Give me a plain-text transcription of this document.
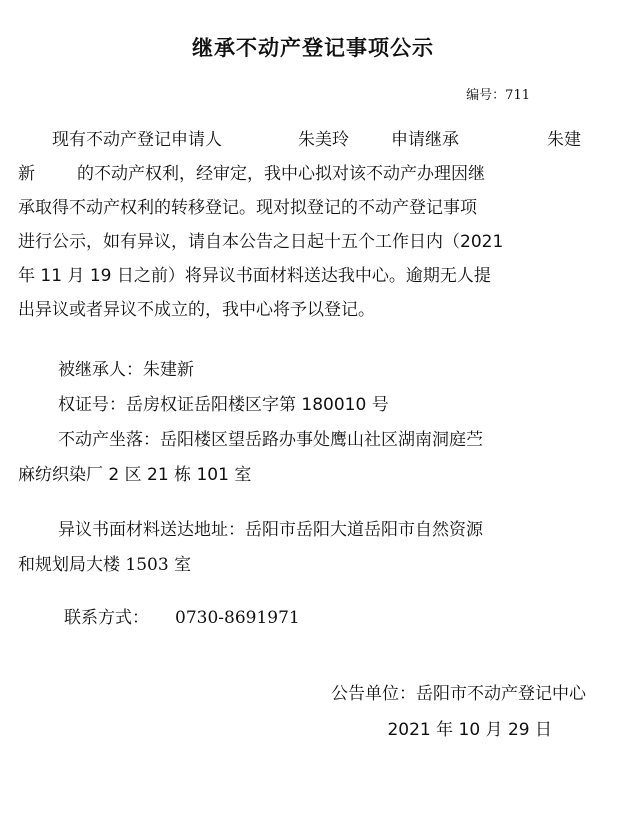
继承不动产登记事项公示
编号：711
现有不动产登记申请人	朱美玲 申请继承	朱建
新 的不动产权利，经审定，我中心拟对该不动产办理因继
承取得不动产权利的转移登记。现对拟登记的不动产登记事项
进行公示，如有异议，请自本公告之日起十五个工作日内（2021
年 11 月 19 日之前）将异议书面材料送达我中心。逾期无人提
出异议或者异议不成立的，我中心将予以登记。
被继承人：朱建新
权证号：岳房权证岳阳楼区字第 180010 号
不动产坐落：岳阳楼区望岳路办事处鹰山社区湖南洞庭苎
麻纺织染厂 2 区 21 栋 101 室
异议书面材料送达地址：岳阳市岳阳大道岳阳市自然资源
和规划局大楼 1503 室
联系方式： 0730-8691971
公告单位：岳阳市不动产登记中心
2021 年 10 月 29 日
